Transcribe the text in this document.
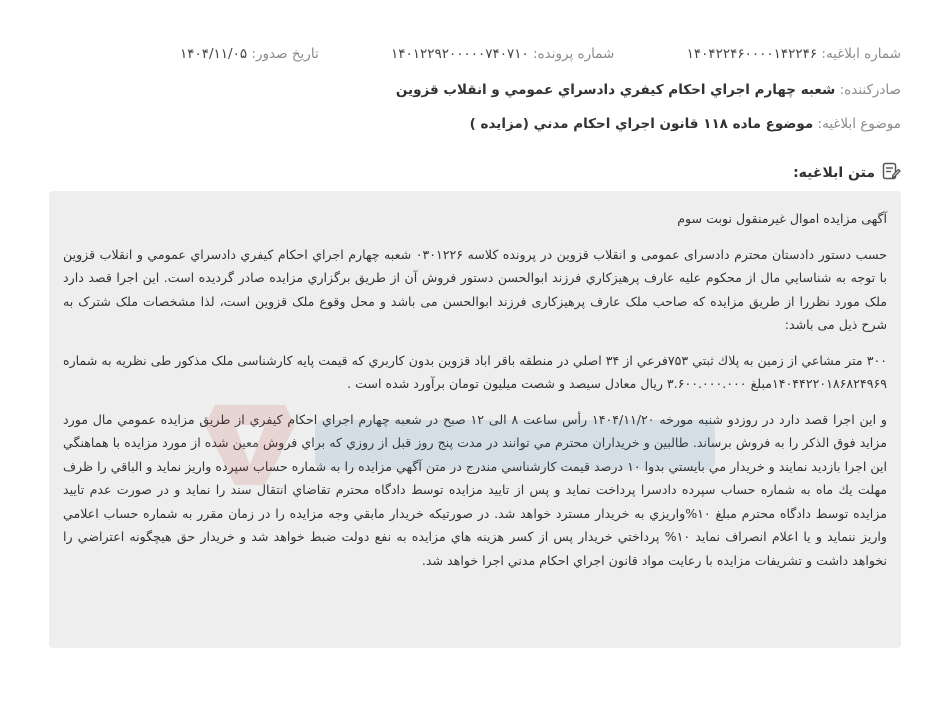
شماره ابلاغیه: ۱۴۰۴۲۲۴۶۰۰۰۰۱۴۲۲۴۶
شماره پرونده: ۱۴۰۱۲۲۹۲۰۰۰۰۰۷۴۰۷۱۰
تاریخ صدور: ۱۴۰۴/۱۱/۰۵
صادرکننده: شعبه چهارم اجراي احكام كيفري دادسراي عمومي و انقلاب قزوين
موضوع ابلاغیه: موضوع ماده ۱۱۸ قانون اجراي احكام مدني (مزايده )
متن ابلاغیه:

آگهی مزایده اموال غیرمنقول نوبت سوم

حسب دستور دادستان محترم دادسرای عمومی و انقلاب قزوین در پرونده کلاسه ۰۳۰۱۲۲۶ شعبه چهارم اجراي احكام كيفري دادسراي عمومي و انقلاب قزوين با توجه به شناسايي مال از محكوم عليه عارف پرهيزكاري فرزند ابوالحسن دستور فروش آن از طریق برگزاري مزايده صادر گرديده است. این اجرا قصد دارد ملک مورد نظررا از طریق مزایده که صاحب ملک عارف پرهیزکاری فرزند ابوالحسن می باشد و محل وقوع ملک قزوین است، لذا مشخصات ملک شترک به شرح ذیل می باشد:

۳۰۰ متر مشاعي از زمين به پلاك ثبتي ۷۵۳فرعي از ۳۴ اصلي در منطقه باقر اباد قزوين بدون كاربري كه قیمت پایه کارشناسی ملک مذکور طی نظریه به شماره ۱۴۰۴۴۲۲۰۱۸۶۸۲۴۹۶۹مبلغ ۳.۶۰۰.۰۰۰.۰۰۰ ریال معادل سیصد و شصت میلیون تومان برآورد شده است .

و اين اجرا قصد دارد در روزدو شنبه مورخه ۱۴۰۴/۱۱/۲۰ رأس ساعت ۸ الی ۱۲ صبح در شعبه چهارم اجراي احكام كيفري از طريق مزايده عمومي مال مورد مزايد فوق الذكر را به فروش برساند. طالبين و خريداران محترم مي توانند در مدت پنج روز قبل از روزي كه براي فروش معين شده از مورد مزايده با هماهنگي اين اجرا بازديد نمايند و خريدار مي بايستي بدوا ۱۰ درصد قيمت كارشناسي مندرج در متن آگهي مزايده را به شماره حساب سپرده واريز نمايد و الباقي را ظرف مهلت يك ماه به شماره حساب سپرده دادسرا پرداخت نمايد و پس از تاييد مزايده توسط دادگاه محترم تقاضاي انتقال سند را نمايد و در صورت عدم تاييد مزايده توسط دادگاه محترم مبلغ ۱۰%واريزي به خريدار مسترد خواهد شد. در صورتيكه خريدار مابقي وجه مزايده را در زمان مقرر به شماره حساب اعلامي واريز ننمايد و يا اعلام انصراف نمايد ۱۰% پرداختي خريدار پس از كسر هزينه هاي مزايده به نفع دولت ضبط خواهد شد و خريدار حق هيچگونه اعتراضي را نخواهد داشت و تشريفات مزايده با رعايت مواد قانون اجراي احكام مدني اجرا خواهد شد.
